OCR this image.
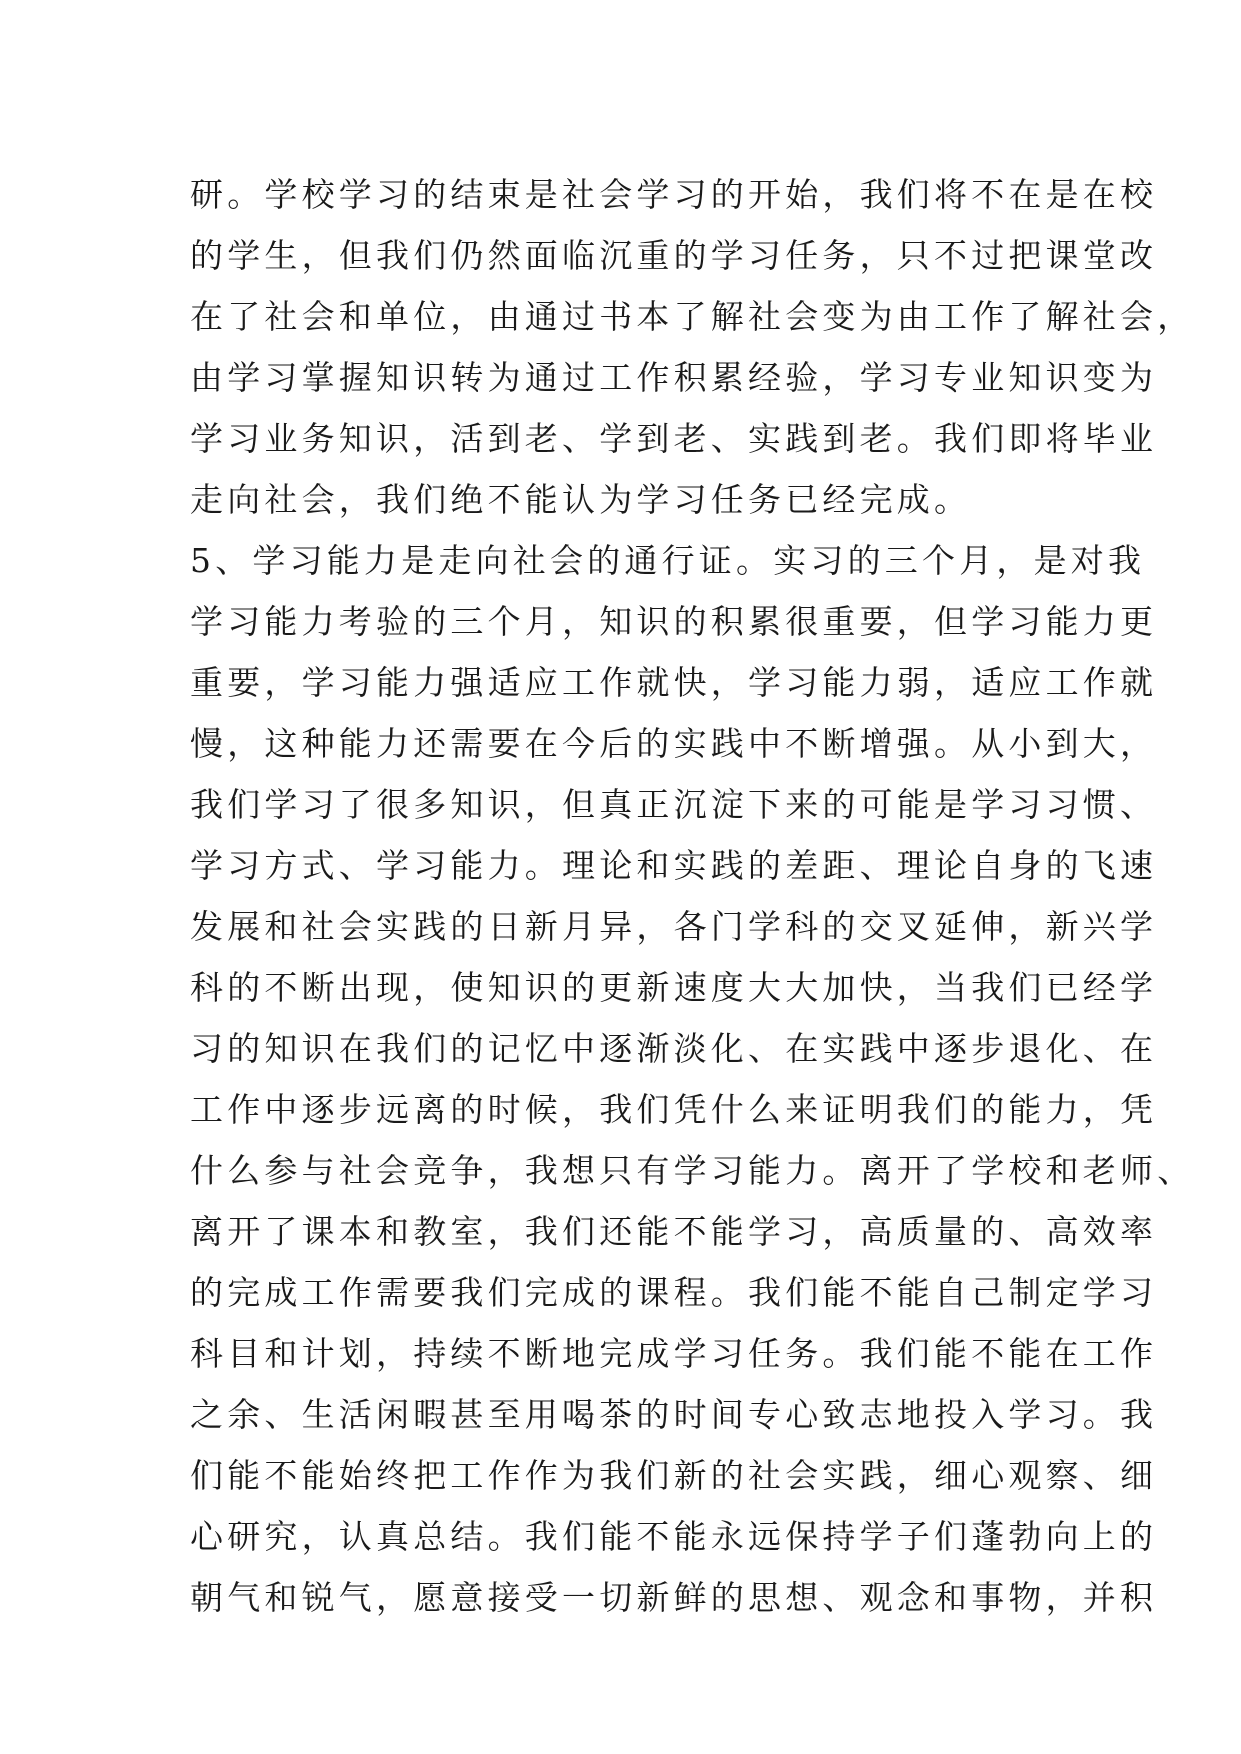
研。学校学习的结束是社会学习的开始，我们将不在是在校
的学生，但我们仍然面临沉重的学习任务，只不过把课堂改
在了社会和单位，由通过书本了解社会变为由工作了解社会，
由学习掌握知识转为通过工作积累经验，学习专业知识变为
学习业务知识，活到老、学到老、实践到老。我们即将毕业
走向社会，我们绝不能认为学习任务已经完成。
5、学习能力是走向社会的通行证。实习的三个月，是对我
学习能力考验的三个月，知识的积累很重要，但学习能力更
重要，学习能力强适应工作就快，学习能力弱，适应工作就
慢，这种能力还需要在今后的实践中不断增强。从小到大，
我们学习了很多知识，但真正沉淀下来的可能是学习习惯、
学习方式、学习能力。理论和实践的差距、理论自身的飞速
发展和社会实践的日新月异，各门学科的交叉延伸，新兴学
科的不断出现，使知识的更新速度大大加快，当我们已经学
习的知识在我们的记忆中逐渐淡化、在实践中逐步退化、在
工作中逐步远离的时候，我们凭什么来证明我们的能力，凭
什么参与社会竞争，我想只有学习能力。离开了学校和老师、
离开了课本和教室，我们还能不能学习，高质量的、高效率
的完成工作需要我们完成的课程。我们能不能自己制定学习
科目和计划，持续不断地完成学习任务。我们能不能在工作
之余、生活闲暇甚至用喝茶的时间专心致志地投入学习。我
们能不能始终把工作作为我们新的社会实践，细心观察、细
心研究，认真总结。我们能不能永远保持学子们蓬勃向上的
朝气和锐气，愿意接受一切新鲜的思想、观念和事物，并积
